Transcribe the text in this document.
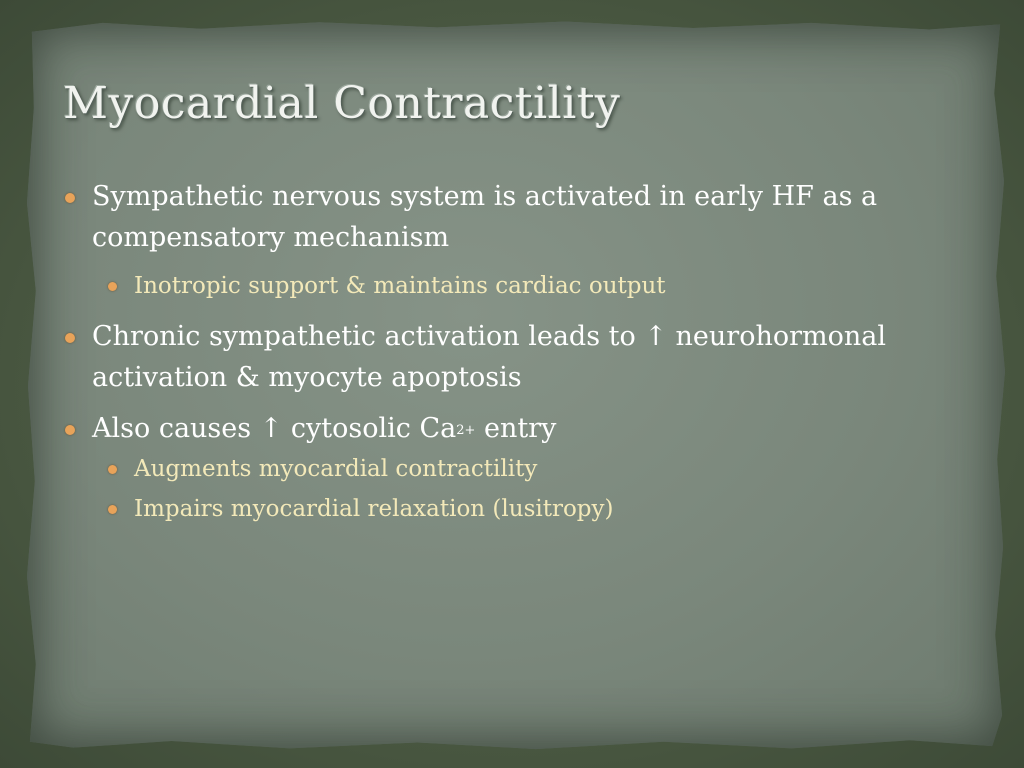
Myocardial Contractility
Sympathetic nervous system is activated in early HF as a compensatory mechanism
Inotropic support & maintains cardiac output
Chronic sympathetic activation leads to ↑ neurohormonal activation & myocyte apoptosis
Also causes ↑ cytosolic $Ca^{2+}$ entry
Augments myocardial contractility
Impairs myocardial relaxation (lusitropy)
